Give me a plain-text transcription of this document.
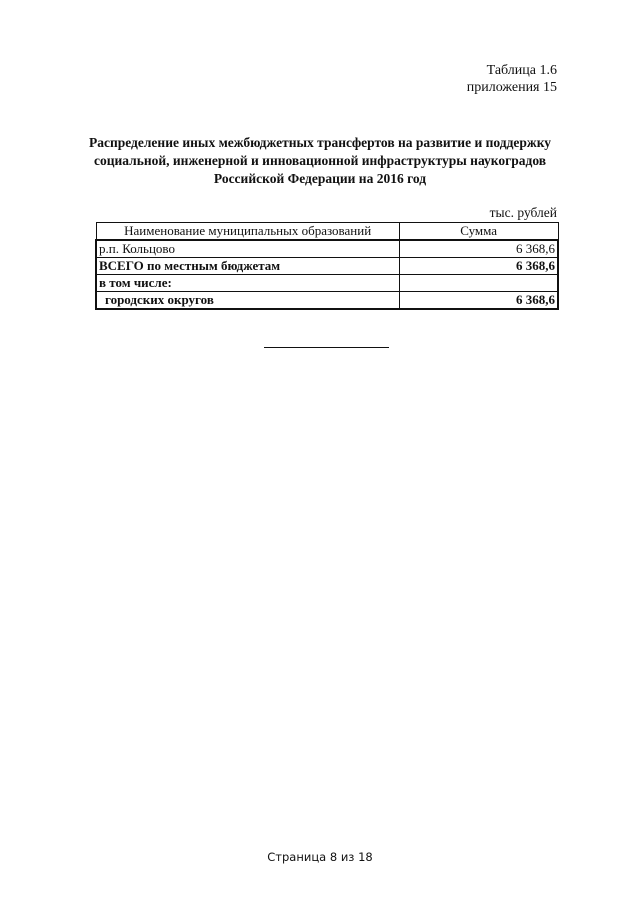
Таблица 1.6
приложения 15
Распределение иных межбюджетных трансфертов на развитие и поддержку
социальной, инженерной и инновационной инфраструктуры наукоградов
Российской Федерации на 2016 год
тыс. рублей
Наименование муниципальных образований	Сумма
р.п. Кольцово	6 368,6
ВСЕГО по местным бюджетам	6 368,6
в том числе:	
городских округов	6 368,6
Страница 8 из 18
